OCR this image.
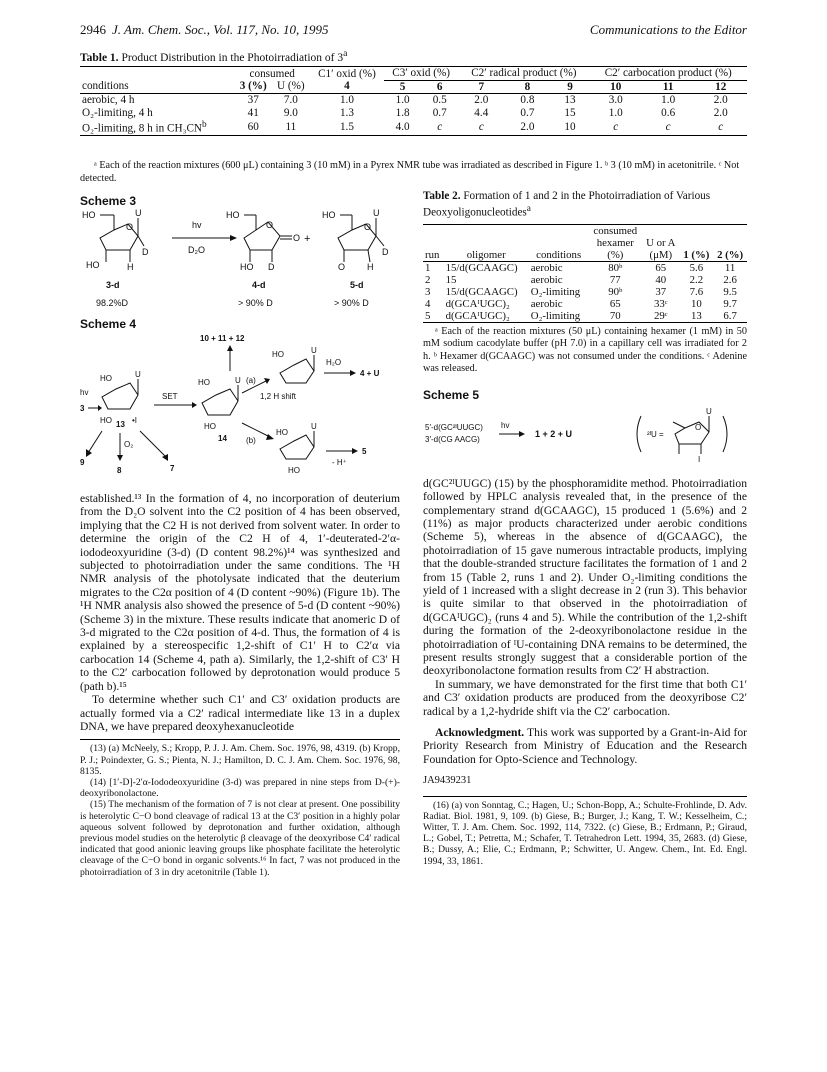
2946 J. Am. Chem. Soc., Vol. 117, No. 10, 1995	Communications to the Editor
Table 1. Product Distribution in the Photoirradiation of 3$^a$
	consumed		C1′ oxid (%)	C3′ oxid (%)		C2′ radical product (%)			C2′ carbocation product (%)		
conditions	3 (%)	U (%)	4	5	6	7	8	9	10	11	12
aerobic, 4 h	37	7.0	1.0	1.0	0.5	2.0	0.8	13	3.0	1.0	2.0
O₂-limiting, 4 h	41	9.0	1.3	1.8	0.7	4.4	0.7	15	1.0	0.6	2.0
O₂-limiting, 8 h in $CH_3CN^b$	60	11	1.5	4.0	c	c	2.0	10	c	c	c
ᵃ Each of the reaction mixtures (600 μL) containing 3 (10 mM) in a Pyrex NMR tube was irradiated as described in Figure 1. ᵇ 3 (10 mM) in acetonitrile. ᶜ Not detected.
Scheme 3
HO
O
U
D
HO	H
hv
D₂O
HO
O
O
HO D
+
HO
O
U
D
O H
3-d	4-d	5-d
98.2%D	> 90% D	> 90% D
Scheme 4
10 + 11 + 12
HO	U
HO 13 •I
hv
3
SET
HO	U
HO
14
(a)
1,2 H shift
HO	U
H₂O
4 + U
(b)
HO
U
HO
- H⁺
5
9
O₂
8	7

established.¹³ In the formation of 4, no incorporation of deuterium from the D₂O solvent into the C2 position of 4 has been observed, implying that the C2 H is not derived from solvent water. In order to determine the origin of the C2 H of 4, 1′-deuterated-2′α-iododeoxyuridine (3-d) (D content 98.2%)¹⁴ was synthesized and subjected to photoirradiation under the same conditions. The ¹H NMR analysis of the photolysate indicated that the deuterium migrates to the C2α position of 4 (D content ~90%) (Figure 1b). The ¹H NMR analysis also showed the presence of 5-d (D content ~90%) (Scheme 3) in the mixture. These results indicate that anomeric D of 3-d migrated to the C2α position of 4-d. Thus, the formation of 4 is explained by a stereospecific 1,2-shift of C1′ H to C2′α via carbocation 14 (Scheme 4, path a). Similarly, the 1,2-shift of C3′ H to the C2′ carbocation followed by deprotonation would produce 5 (path b).¹⁵

To determine whether such C1′ and C3′ oxidation products are actually formed via a C2′ radical intermediate like 13 in a duplex DNA, we have prepared deoxyhexanucleotide

(13) (a) McNeely, S.; Kropp, P. J. J. Am. Chem. Soc. 1976, 98, 4319. (b) Kropp, P. J.; Poindexter, G. S.; Pienta, N. J.; Hamilton, D. C. J. Am. Chem. Soc. 1976, 98, 8135.

(14) [1′-D]-2′α-Iododeoxyuridine (3-d) was prepared in nine steps from D-(+)-deoxyribonolactone.

(15) The mechanism of the formation of 7 is not clear at present. One possibility is heterolytic C−O bond cleavage of radical 13 at the C3′ position in a highly polar aqueous solvent followed by deprotonation and further oxidation, although previous model studies on the heterolytic β cleavage of the deoxyribose C4′ radical indicated that good anionic leaving groups like phosphate facilitate the heterolytic cleavage of the C−O bond in organic solvents.¹⁶ In fact, 7 was not produced in the photoirradiation of 3 in dry acetonitrile (Table 1).

Table 2. Formation of 1 and 2 in the Photoirradiation of Various Deoxyoligonucleotides$^a$
			consumed			
			hexamer	U or A		
run	oligomer	conditions	(%)	(μM)	1 (%)	2 (%)
1	15/d(GCAAGC)	aerobic	80ᵇ	65	5.6	11
2	15	aerobic	77	40	2.2	2.6
3	15/d(GCAAGC)	O₂-limiting	90ᵇ	37	7.6	9.5
4	d(GCAᴵUGC)₂	aerobic	65	33ᶜ	10	9.7
5	d(GCAᴵUGC)₂	O₂-limiting	70	29ᶜ	13	6.7
ᵃ Each of the reaction mixtures (50 μL) containing hexamer (1 mM) in 50 mM sodium cacodylate buffer (pH 7.0) in a capillary cell was irradiated for 2 h. ᵇ Hexamer d(GCAAGC) was not consumed under the conditions. ᶜ Adenine was released.
Scheme 5
5′-d(GC²ᴵUUGC)
3′-d(CG AACG)
hv
1 + 2 + U	²ᴵU =
O
U
I

d(GC²ᴵUUGC) (15) by the phosphoramidite method. Photoirradiation followed by HPLC analysis revealed that, in the presence of the complementary strand d(GCAAGC), 15 produced 1 (5.6%) and 2 (11%) as major products characterized under aerobic conditions (Scheme 5), whereas in the absence of d(GCAAGC), the photoirradiation of 15 gave numerous intractable products, implying that the double-stranded structure facilitates the formation of 1 and 2 from 15 (Table 2, runs 1 and 2). Under O₂-limiting conditions the yield of 1 increased with a slight decrease in 2 (run 3). This behavior is quite similar to that observed in the photoirradiation of d(GCAᴵUGC)₂ (runs 4 and 5). While the contribution of the 1,2-shift during the formation of the 2-deoxyribonolactone residue in the photoirradiation of ᴵU-containing DNA remains to be determined, the present results strongly suggest that a considerable portion of the deoxyribonolactone formation results from C2′ H abstraction.

In summary, we have demonstrated for the first time that both C1′ and C3′ oxidation products are produced from the deoxyribose C2′ radical by a 1,2-hydride shift via the C2′ carbocation.

Acknowledgment. This work was supported by a Grant-in-Aid for Priority Research from Ministry of Education and the Research Foundation for Opto-Science and Technology.

JA9439231

(16) (a) von Sonntag, C.; Hagen, U.; Schon-Bopp, A.; Schulte-Frohlinde, D. Adv. Radiat. Biol. 1981, 9, 109. (b) Giese, B.; Burger, J.; Kang, T. W.; Kesselheim, C.; Witter, T. J. Am. Chem. Soc. 1992, 114, 7322. (c) Giese, B.; Erdmann, P.; Giraud, L.; Gobel, T.; Petretta, M.; Schafer, T. Tetrahedron Lett. 1994, 35, 2683. (d) Giese, B.; Dussy, A.; Elie, C.; Erdmann, P.; Schwitter, U. Angew. Chem., Int. Ed. Engl. 1994, 33, 1861.
